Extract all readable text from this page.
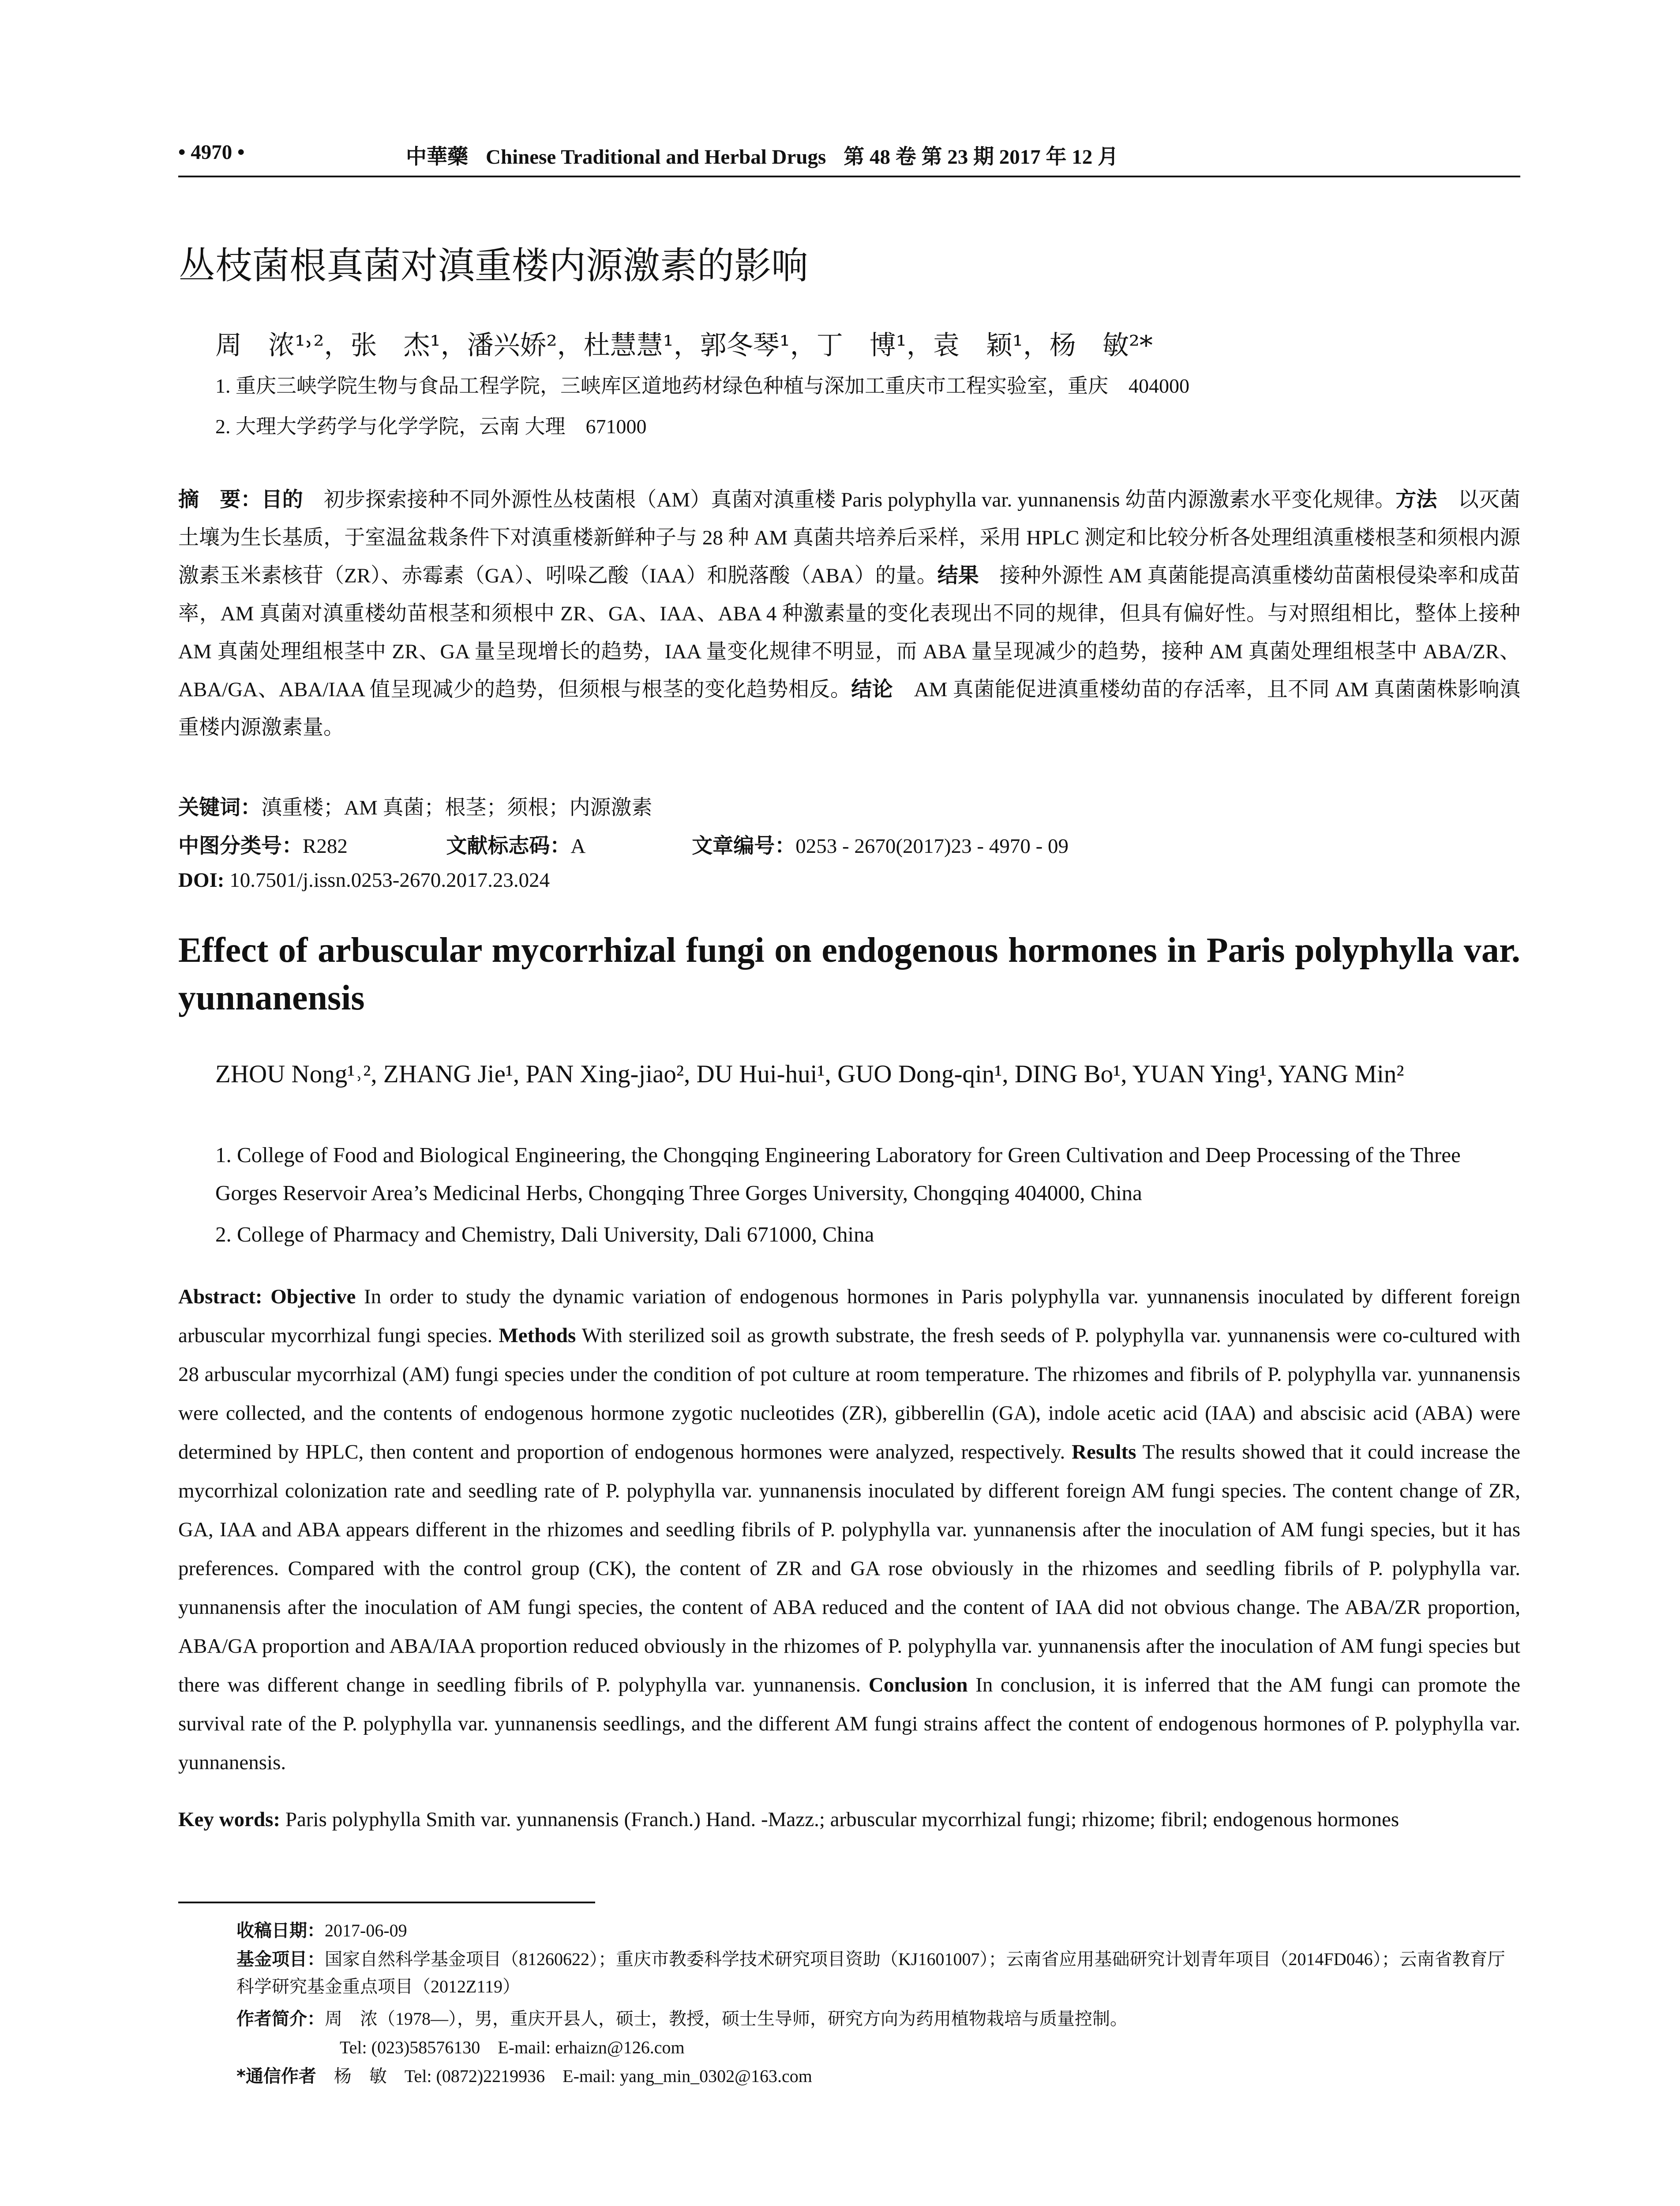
• 4970 •	中華藥 Chinese Traditional and Herbal Drugs 第 48 卷 第 23 期 2017 年 12 月
丛枝菌根真菌对滇重楼内源激素的影响
周　浓¹˒²，张　杰¹，潘兴娇²，杜慧慧¹，郭冬琴¹，丁　博¹，袁　颖¹，杨　敏²*
1. 重庆三峡学院生物与食品工程学院，三峡库区道地药材绿色种植与深加工重庆市工程实验室，重庆　404000
2. 大理大学药学与化学学院，云南 大理　671000
摘　要：目的　初步探索接种不同外源性丛枝菌根（AM）真菌对滇重楼 Paris polyphylla var. yunnanensis 幼苗内源激素水平变化规律。方法　以灭菌土壤为生长基质，于室温盆栽条件下对滇重楼新鲜种子与 28 种 AM 真菌共培养后采样，采用 HPLC 测定和比较分析各处理组滇重楼根茎和须根内源激素玉米素核苷（ZR）、赤霉素（GA）、吲哚乙酸（IAA）和脱落酸（ABA）的量。结果　接种外源性 AM 真菌能提高滇重楼幼苗菌根侵染率和成苗率，AM 真菌对滇重楼幼苗根茎和须根中 ZR、GA、IAA、ABA 4 种激素量的变化表现出不同的规律，但具有偏好性。与对照组相比，整体上接种 AM 真菌处理组根茎中 ZR、GA 量呈现增长的趋势，IAA 量变化规律不明显，而 ABA 量呈现减少的趋势，接种 AM 真菌处理组根茎中 ABA/ZR、ABA/GA、ABA/IAA 值呈现减少的趋势，但须根与根茎的变化趋势相反。结论　AM 真菌能促进滇重楼幼苗的存活率，且不同 AM 真菌菌株影响滇重楼内源激素量。
关键词：滇重楼；AM 真菌；根茎；须根；内源激素
中图分类号：R282	文献标志码：A	文章编号：0253 - 2670(2017)23 - 4970 - 09
DOI: 10.7501/j.issn.0253-2670.2017.23.024
Effect of arbuscular mycorrhizal fungi on endogenous hormones in Paris polyphylla var. yunnanensis
ZHOU Nong¹˒², ZHANG Jie¹, PAN Xing-jiao², DU Hui-hui¹, GUO Dong-qin¹, DING Bo¹, YUAN Ying¹, YANG Min²
1. College of Food and Biological Engineering, the Chongqing Engineering Laboratory for Green Cultivation and Deep Processing of the Three Gorges Reservoir Area’s Medicinal Herbs, Chongqing Three Gorges University, Chongqing 404000, China
2. College of Pharmacy and Chemistry, Dali University, Dali 671000, China
Abstract: Objective In order to study the dynamic variation of endogenous hormones in Paris polyphylla var. yunnanensis inoculated by different foreign arbuscular mycorrhizal fungi species. Methods With sterilized soil as growth substrate, the fresh seeds of P. polyphylla var. yunnanensis were co-cultured with 28 arbuscular mycorrhizal (AM) fungi species under the condition of pot culture at room temperature. The rhizomes and fibrils of P. polyphylla var. yunnanensis were collected, and the contents of endogenous hormone zygotic nucleotides (ZR), gibberellin (GA), indole acetic acid (IAA) and abscisic acid (ABA) were determined by HPLC, then content and proportion of endogenous hormones were analyzed, respectively. Results The results showed that it could increase the mycorrhizal colonization rate and seedling rate of P. polyphylla var. yunnanensis inoculated by different foreign AM fungi species. The content change of ZR, GA, IAA and ABA appears different in the rhizomes and seedling fibrils of P. polyphylla var. yunnanensis after the inoculation of AM fungi species, but it has preferences. Compared with the control group (CK), the content of ZR and GA rose obviously in the rhizomes and seedling fibrils of P. polyphylla var. yunnanensis after the inoculation of AM fungi species, the content of ABA reduced and the content of IAA did not obvious change. The ABA/ZR proportion, ABA/GA proportion and ABA/IAA proportion reduced obviously in the rhizomes of P. polyphylla var. yunnanensis after the inoculation of AM fungi species but there was different change in seedling fibrils of P. polyphylla var. yunnanensis. Conclusion In conclusion, it is inferred that the AM fungi can promote the survival rate of the P. polyphylla var. yunnanensis seedlings, and the different AM fungi strains affect the content of endogenous hormones of P. polyphylla var. yunnanensis.
Key words: Paris polyphylla Smith var. yunnanensis (Franch.) Hand. -Mazz.; arbuscular mycorrhizal fungi; rhizome; fibril; endogenous hormones
收稿日期：2017-06-09
基金项目：国家自然科学基金项目（81260622）；重庆市教委科学技术研究项目资助（KJ1601007）；云南省应用基础研究计划青年项目（2014FD046）；云南省教育厅科学研究基金重点项目（2012Z119）
作者简介：周　浓（1978—），男，重庆开县人，硕士，教授，硕士生导师，研究方向为药用植物栽培与质量控制。
Tel: (023)58576130　E-mail: erhaizn@126.com
*通信作者　杨　敏　Tel: (0872)2219936　E-mail: yang_min_0302@163.com
